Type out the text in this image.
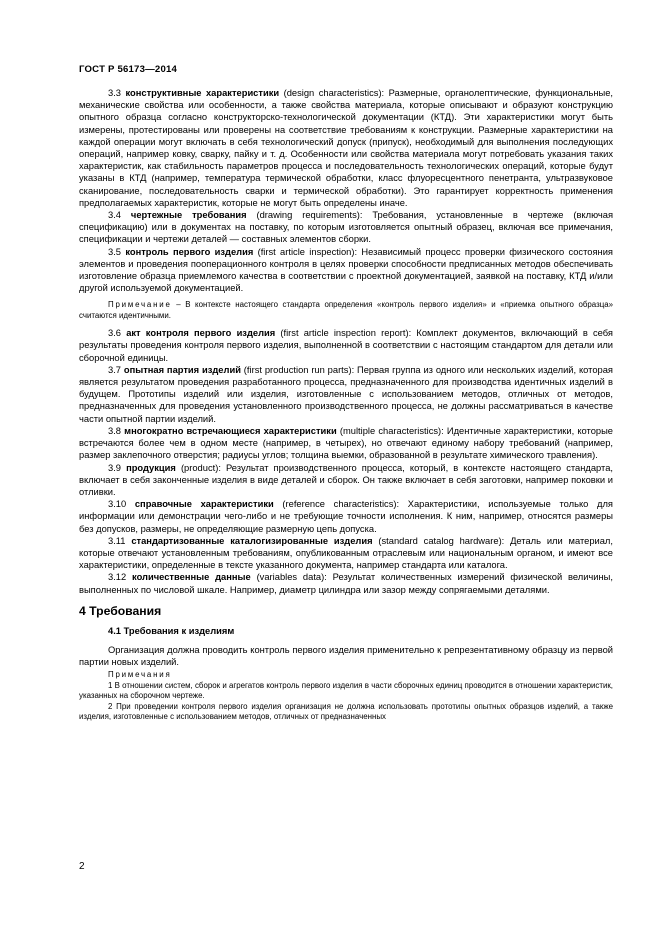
ГОСТ Р 56173—2014

3.3 конструктивные характеристики (design characteristics): Размерные, органолептические, функциональные, механические свойства или особенности, а также свойства материала, которые описывают и образуют конструкцию опытного образца согласно конструкторско-технологической документации (КТД). Эти характеристики могут быть измерены, протестированы или проверены на соответствие требованиям к конструкции. Размерные характеристики на каждой операции могут включать в себя технологический допуск (припуск), необходимый для выполнения последующих операций, например ковку, сварку, пайку и т. д. Особенности или свойства материала могут потребовать указания таких характеристик, как стабильность параметров процесса и последовательность технологических операций, которые будут указаны в КТД (например, температура термической обработки, класс флуоресцентного пенетранта, ультразвуковое сканирование, последовательность сварки и термической обработки). Это гарантирует корректность применения предполагаемых характеристик, которые не могут быть определены иначе.

3.4 чертежные требования (drawing requirements): Требования, установленные в чертеже (включая спецификацию) или в документах на поставку, по которым изготовляется опытный образец, включая все примечания, спецификации и чертежи деталей — составных элементов сборки.

3.5 контроль первого изделия (first article inspection): Независимый процесс проверки физического состояния элементов и проведения пооперационного контроля в целях проверки способности предписанных методов обеспечивать изготовление образца приемлемого качества в соответствии с проектной документацией, заявкой на поставку, КТД и/или другой используемой документацией.

Примечание – В контексте настоящего стандарта определения «контроль первого изделия» и «приемка опытного образца» считаются идентичными.

3.6 акт контроля первого изделия (first article inspection report): Комплект документов, включающий в себя результаты проведения контроля первого изделия, выполненной в соответствии с настоящим стандартом для детали или сборочной единицы.

3.7 опытная партия изделий (first production run parts): Первая группа из одного или нескольких изделий, которая является результатом проведения разработанного процесса, предназначенного для производства идентичных изделий в будущем. Прототипы изделий или изделия, изготовленные с использованием методов, отличных от методов, предназначенных для проведения установленного производственного процесса, не должны рассматриваться в качестве части опытной партии изделий.

3.8 многократно встречающиеся характеристики (multiple characteristics): Идентичные характеристики, которые встречаются более чем в одном месте (например, в четырех), но отвечают единому набору требований (например, размер заклепочного отверстия; радиусы углов; толщина выемки, образованной в результате химического травления).

3.9 продукция (product): Результат производственного процесса, который, в контексте настоящего стандарта, включает в себя законченные изделия в виде деталей и сборок. Он также включает в себя заготовки, например поковки и отливки.

3.10 справочные характеристики (reference characteristics): Характеристики, используемые только для информации или демонстрации чего-либо и не требующие точности исполнения. К ним, например, относятся размеры без допусков, размеры, не определяющие размерную цепь допуска.

3.11 стандартизованные каталогизированные изделия (standard catalog hardware): Деталь или материал, которые отвечают установленным требованиям, опубликованным отраслевым или национальным органом, и имеют все характеристики, определенные в тексте указанного документа, например стандарта или каталога.

3.12 количественные данные (variables data): Результат количественных измерений физической величины, выполненных по числовой шкале. Например, диаметр цилиндра или зазор между сопрягаемыми деталями.

4 Требования
4.1 Требования к изделиям

Организация должна проводить контроль первого изделия применительно к репрезентативному образцу из первой партии новых изделий.

Примечания
1 В отношении систем, сборок и агрегатов контроль первого изделия в части сборочных единиц проводится в отношении характеристик, указанных на сборочном чертеже.
2 При проведении контроля первого изделия организация не должна использовать прототипы опытных образцов изделий, а также изделия, изготовленные с использованием методов, отличных от предназначенных
2
